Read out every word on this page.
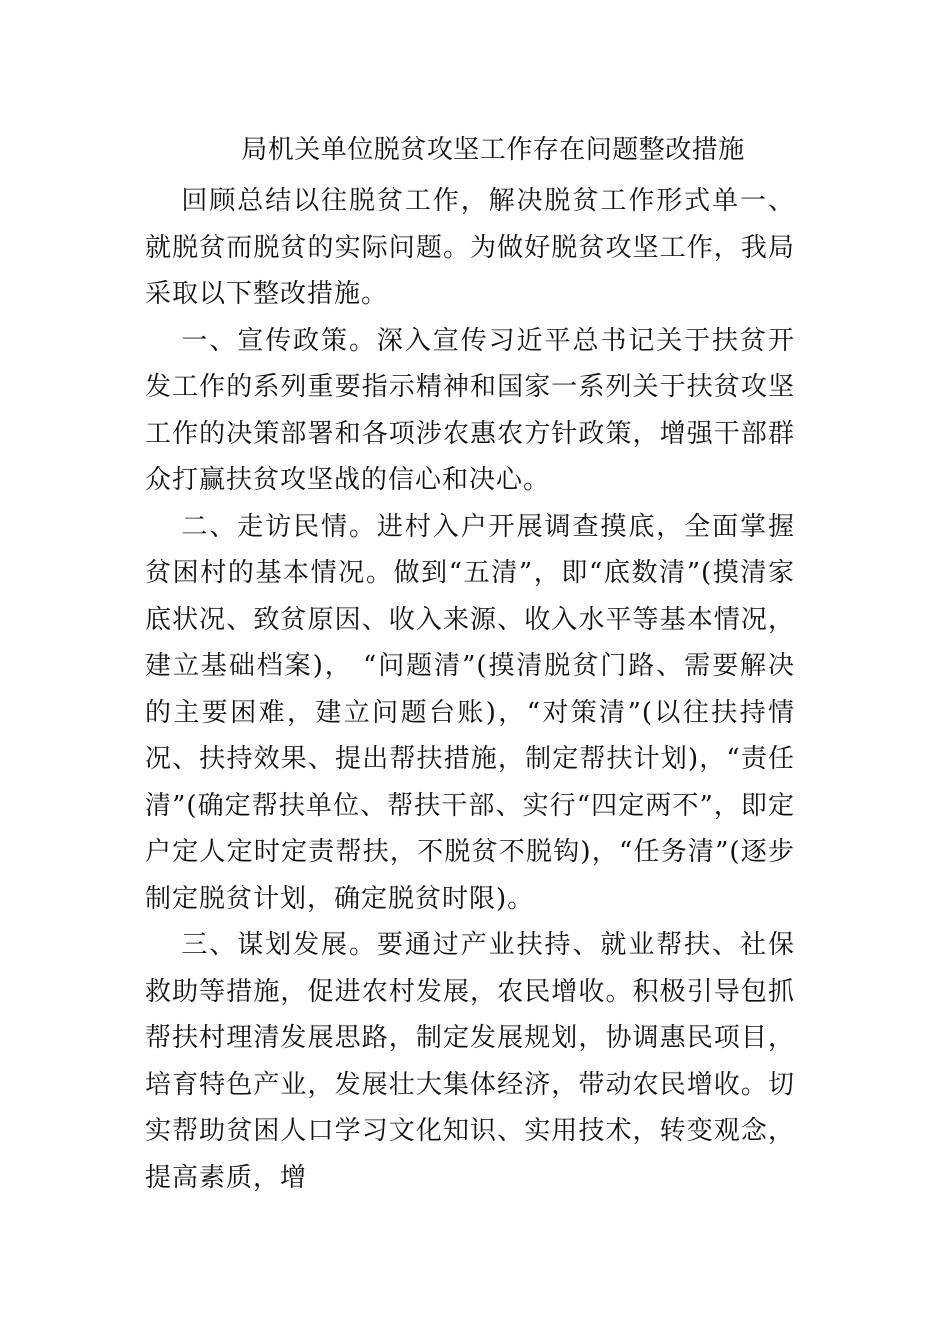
局机关单位脱贫攻坚工作存在问题整改措施

回顾总结以往脱贫工作，解决脱贫工作形式单一、就脱贫而脱贫的实际问题。为做好脱贫攻坚工作，我局采取以下整改措施。

一、宣传政策。深入宣传习近平总书记关于扶贫开发工作的系列重要指示精神和国家一系列关于扶贫攻坚工作的决策部署和各项涉农惠农方针政策，增强干部群众打赢扶贫攻坚战的信心和决心。

二、走访民情。进村入户开展调查摸底，全面掌握贫困村的基本情况。做到“五清”，即“底数清”(摸清家底状况、致贫原因、收入来源、收入水平等基本情况，建立基础档案)， “问题清”(摸清脱贫门路、需要解决的主要困难，建立问题台账)，“对策清”(以往扶持情况、扶持效果、提出帮扶措施，制定帮扶计划)，“责任清”(确定帮扶单位、帮扶干部、实行“四定两不”，即定户定人定时定责帮扶，不脱贫不脱钩)，“任务清”(逐步制定脱贫计划，确定脱贫时限)。

三、谋划发展。要通过产业扶持、就业帮扶、社保救助等措施，促进农村发展，农民增收。积极引导包抓帮扶村理清发展思路，制定发展规划，协调惠民项目，培育特色产业，发展壮大集体经济，带动农民增收。切实帮助贫困人口学习文化知识、实用技术，转变观念，提高素质，增
